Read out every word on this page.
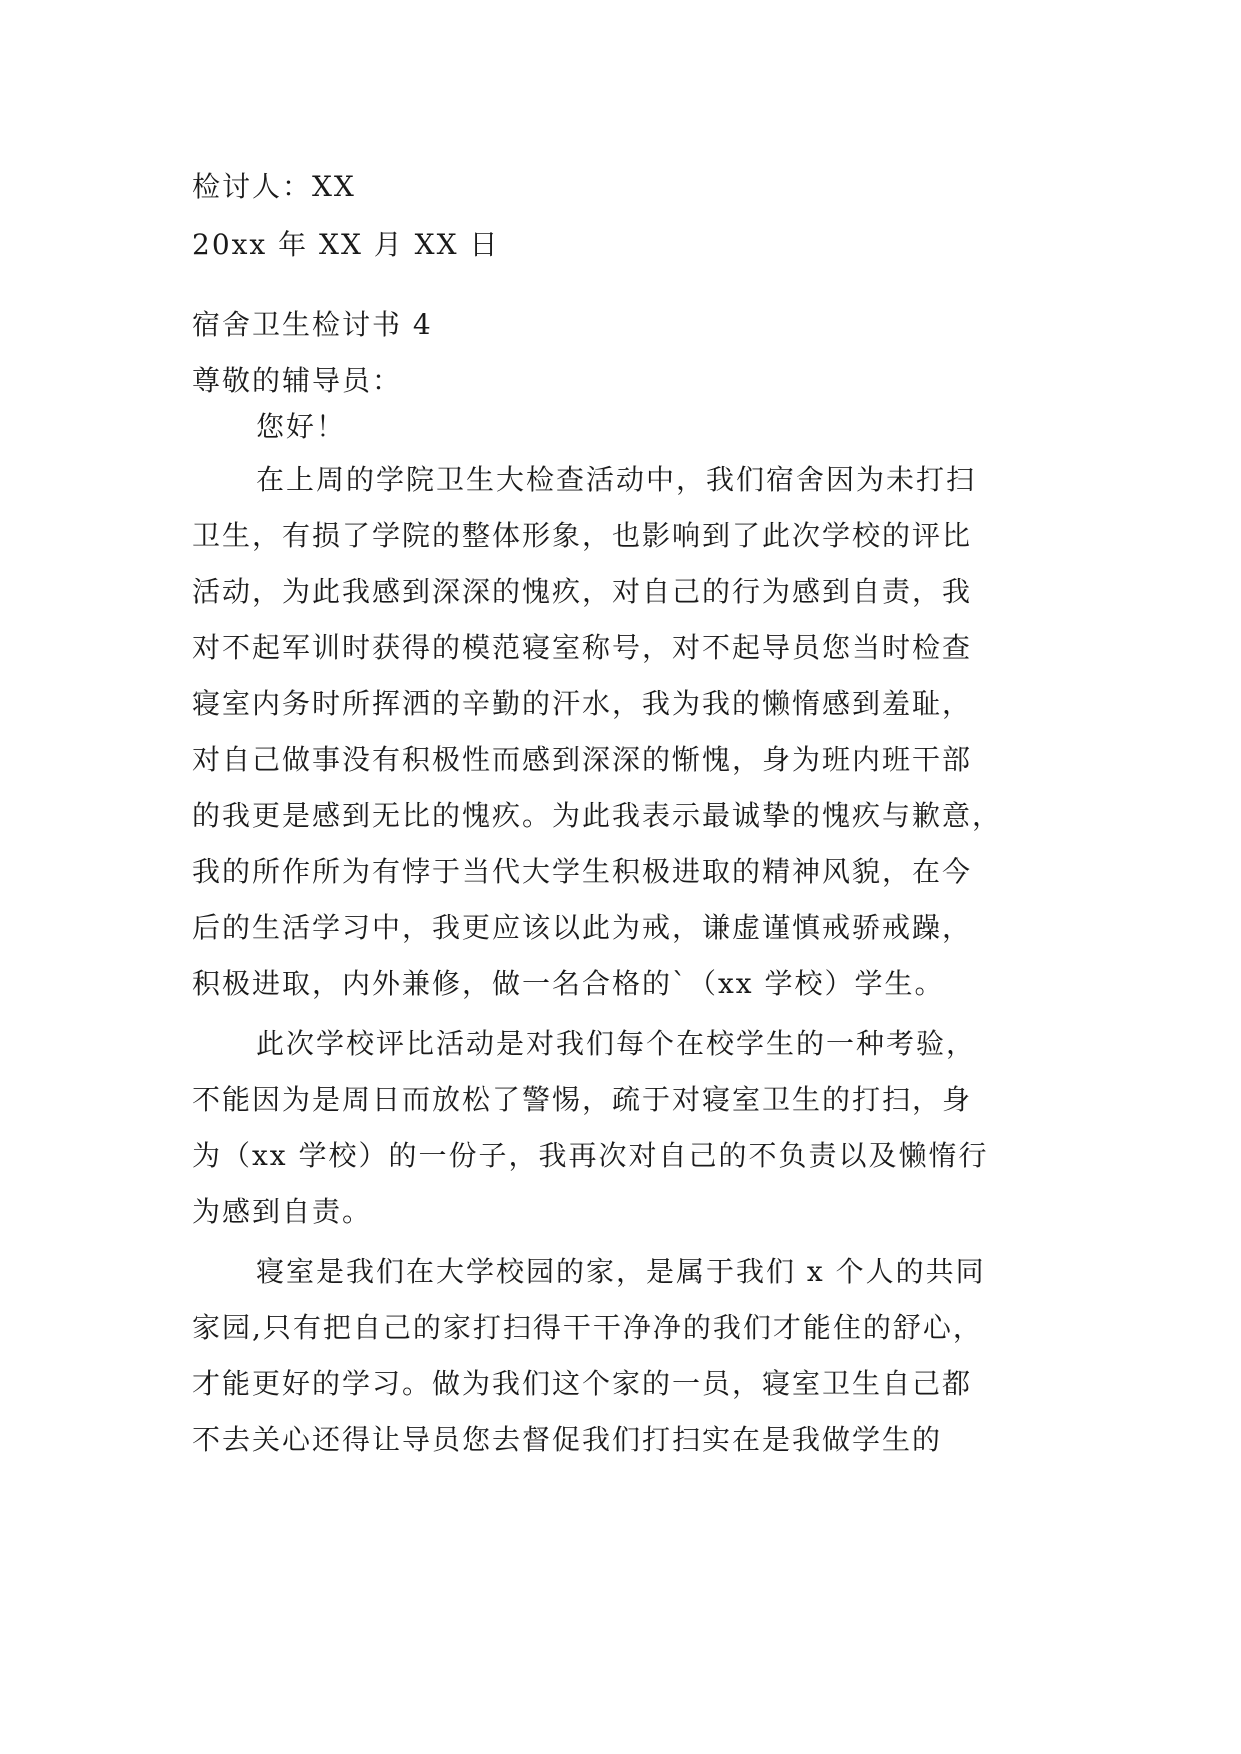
检讨人：XX
20xx 年 XX 月 XX 日
宿舍卫生检讨书 4
尊敬的辅导员：
您好！
在上周的学院卫生大检查活动中，我们宿舍因为未打扫
卫生，有损了学院的整体形象，也影响到了此次学校的评比
活动，为此我感到深深的愧疚，对自己的行为感到自责，我
对不起军训时获得的模范寝室称号，对不起导员您当时检查
寝室内务时所挥洒的辛勤的汗水，我为我的懒惰感到羞耻，
对自己做事没有积极性而感到深深的惭愧，身为班内班干部
的我更是感到无比的愧疚。为此我表示最诚挚的愧疚与歉意，
我的所作所为有悖于当代大学生积极进取的精神风貌，在今
后的生活学习中，我更应该以此为戒，谦虚谨慎戒骄戒躁，
积极进取，内外兼修，做一名合格的`（xx 学校）学生。
此次学校评比活动是对我们每个在校学生的一种考验，
不能因为是周日而放松了警惕，疏于对寝室卫生的打扫，身
为（xx 学校）的一份子，我再次对自己的不负责以及懒惰行
为感到自责。
寝室是我们在大学校园的家，是属于我们 x 个人的共同
家园,只有把自己的家打扫得干干净净的我们才能住的舒心，
才能更好的学习。做为我们这个家的一员，寝室卫生自己都
不去关心还得让导员您去督促我们打扫实在是我做学生的
